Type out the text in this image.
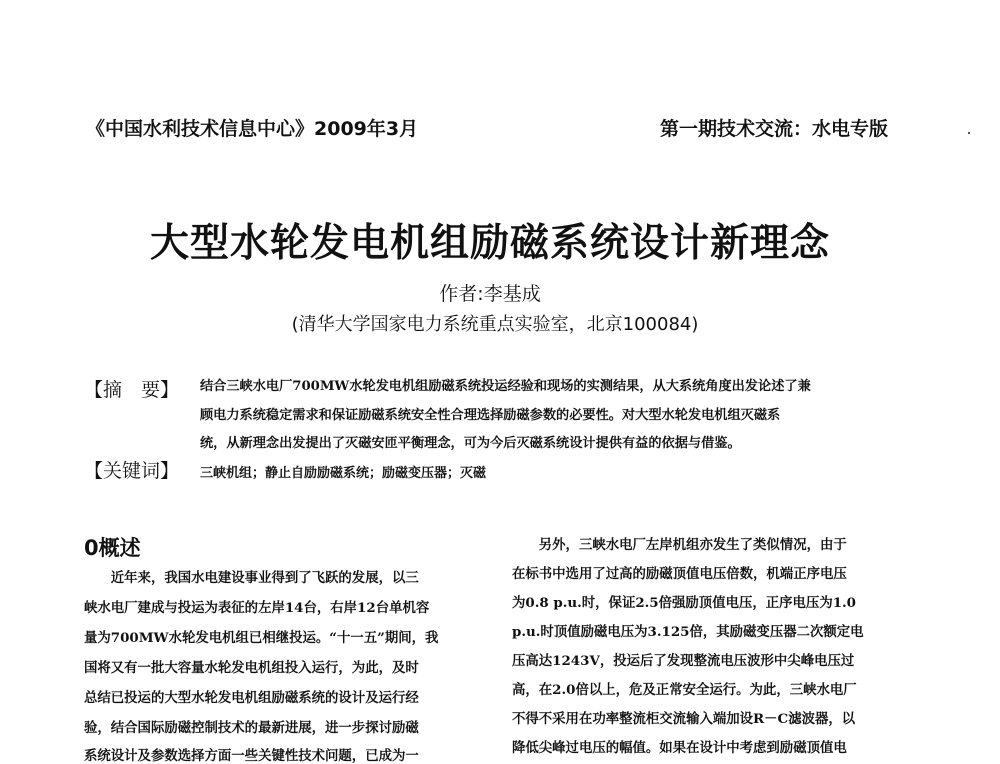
《中国水利技术信息中心》2009年3月	第一期技术交流：水电专版
大型水轮发电机组励磁系统设计新理念
作者:李基成
(清华大学国家电力系统重点实验室，北京100084)
【摘　要】 结合三峡水电厂700MW水轮发电机组励磁系统投运经验和现场的实测结果，从大系统角度出发论述了兼
顾电力系统稳定需求和保证励磁系统安全性合理选择励磁参数的必要性。对大型水轮发电机组灭磁系
统，从新理念出发提出了灭磁安匝平衡理念，可为今后灭磁系统设计提供有益的依据与借鉴。
【关键词】 三峡机组；静止自励励磁系统；励磁变压器；灭磁
0概述
　　近年来，我国水电建设事业得到了飞跃的发展，以三
峡水电厂建成与投运为表征的左岸14台，右岸12台单机容
量为700MW水轮发电机组已相继投运。“十一五”期间，我
国将又有一批大容量水轮发电机组投入运行，为此，及时
总结已投运的大型水轮发电机组励磁系统的设计及运行经
验，结合国际励磁控制技术的最新进展，进一步探讨励磁
系统设计及参数选择方面一些关键性技术问题，已成为一
　　另外，三峡水电厂左岸机组亦发生了类似情况，由于
在标书中选用了过高的励磁顶值电压倍数，机端正序电压
为0.8 p.u.时，保证2.5倍强励顶值电压，正序电压为1.0
p.u.时顶值励磁电压为3.125倍，其励磁变压器二次额定电
压高达1243V，投运后了发现整流电压波形中尖峰电压过
高，在2.0倍以上，危及正常安全运行。为此，三峡水电厂
不得不采用在功率整流柜交流输入端加设R－C滤波器，以
降低尖峰过电压的幅值。如果在设计中考虑到励磁顶值电
